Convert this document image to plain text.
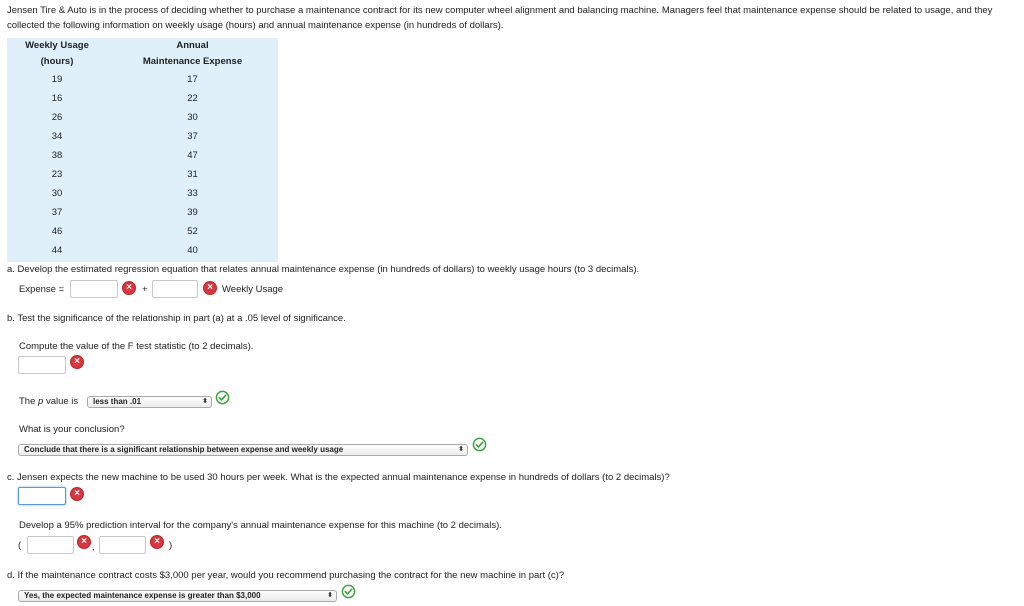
Jensen Tire & Auto is in the process of deciding whether to purchase a maintenance contract for its new computer wheel alignment and balancing machine. Managers feel that maintenance expense should be related to usage, and they collected the following information on weekly usage (hours) and annual maintenance expense (in hundreds of dollars).
Weekly Usage	Annual
(hours)	Maintenance Expense
19	17
16	22
26	30
34	37
38	47
23	31
30	33
37	39
46	52
44	40
a. Develop the estimated regression equation that relates annual maintenance expense (in hundreds of dollars) to weekly usage hours (to 3 decimals).
Expense =	×	+	× Weekly Usage
b. Test the significance of the relationship in part (a) at a .05 level of significance.
Compute the value of the F test statistic (to 2 decimals).
×
The p value is	less than .01	⬍
What is your conclusion?
Conclude that there is a significant relationship between expense and weekly usage	⬍
c. Jensen expects the new machine to be used 30 hours per week. What is the expected annual maintenance expense in hundreds of dollars (to 2 decimals)?
×
Develop a 95% prediction interval for the company's annual maintenance expense for this machine (to 2 decimals).
(	×
,
× )
d. If the maintenance contract costs $3,000 per year, would you recommend purchasing the contract for the new machine in part (c)?
Yes, the expected maintenance expense is greater than $3,000	⬍
